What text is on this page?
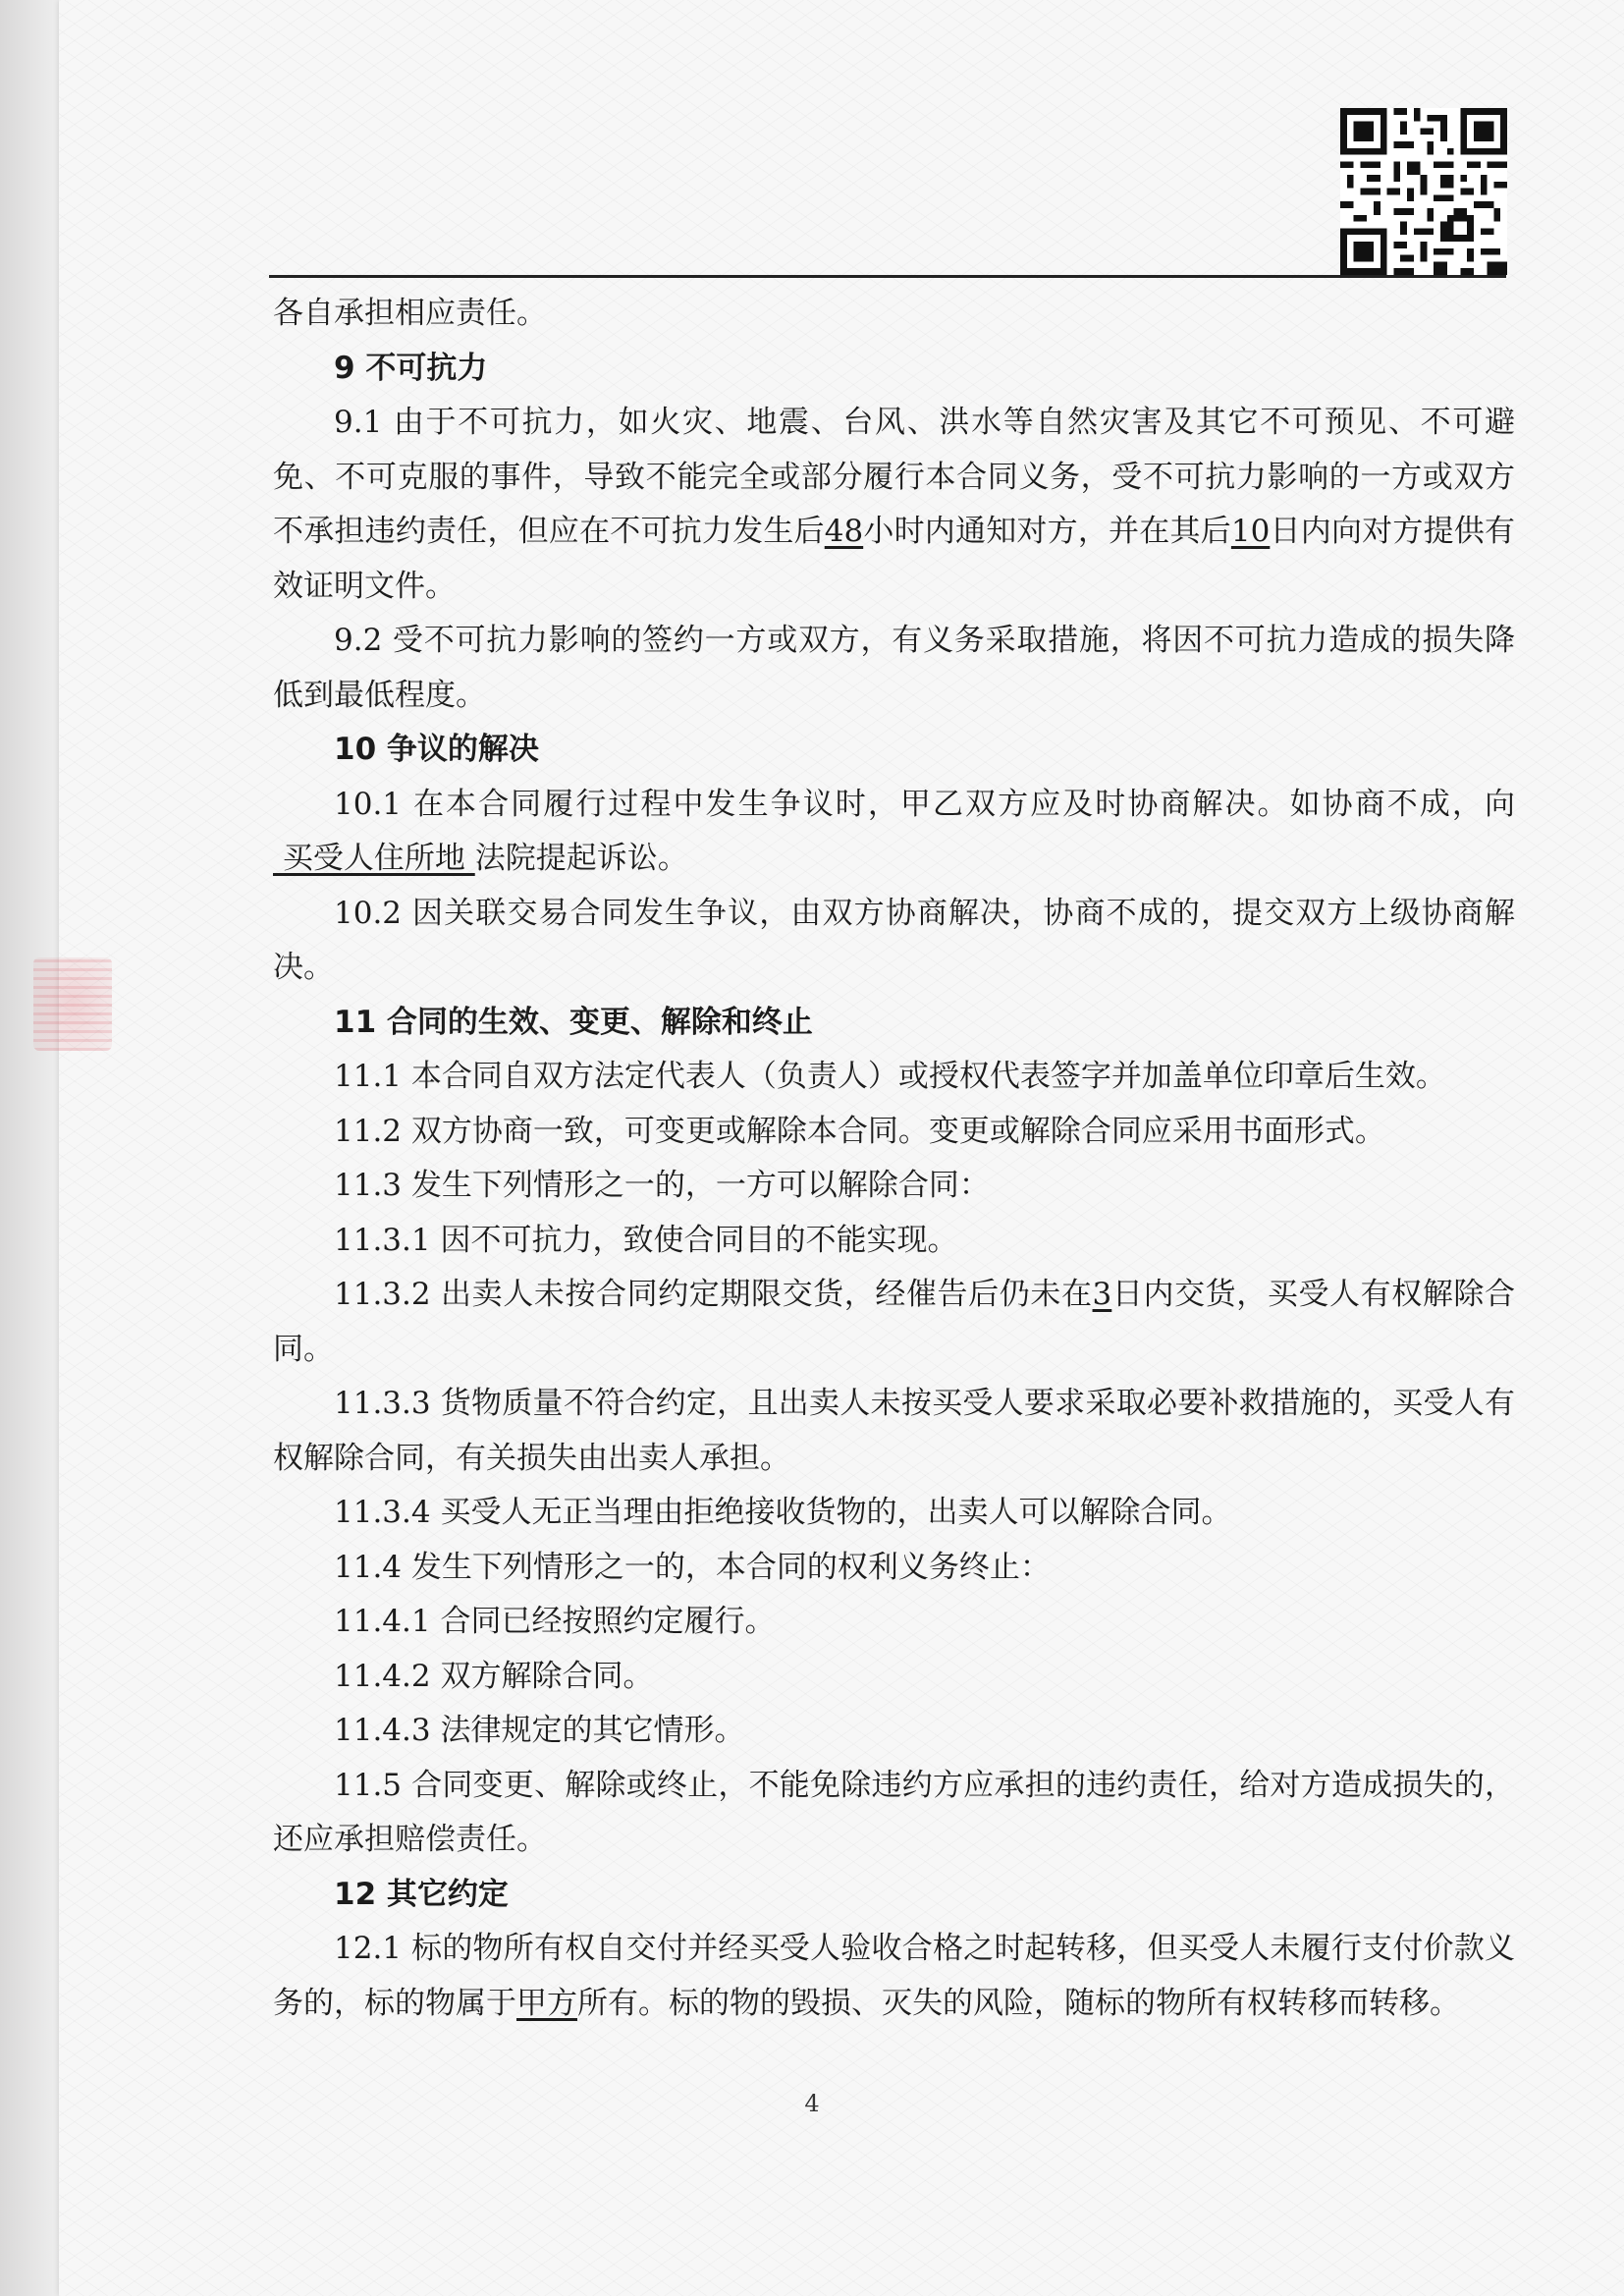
各自承担相应责任。

9 不可抗力

9.1 由于不可抗力，如火灾、地震、台风、洪水等自然灾害及其它不可预见、不可避免、不可克服的事件，导致不能完全或部分履行本合同义务，受不可抗力影响的一方或双方不承担违约责任，但应在不可抗力发生后48小时内通知对方，并在其后10日内向对方提供有效证明文件。

9.2 受不可抗力影响的签约一方或双方，有义务采取措施，将因不可抗力造成的损失降低到最低程度。

10 争议的解决

10.1 在本合同履行过程中发生争议时，甲乙双方应及时协商解决。如协商不成，向 买受人住所地 法院提起诉讼。

10.2 因关联交易合同发生争议，由双方协商解决，协商不成的，提交双方上级协商解决。

11 合同的生效、变更、解除和终止

11.1 本合同自双方法定代表人（负责人）或授权代表签字并加盖单位印章后生效。

11.2 双方协商一致，可变更或解除本合同。变更或解除合同应采用书面形式。

11.3 发生下列情形之一的，一方可以解除合同：

11.3.1 因不可抗力，致使合同目的不能实现。

11.3.2 出卖人未按合同约定期限交货，经催告后仍未在3日内交货，买受人有权解除合同。

11.3.3 货物质量不符合约定，且出卖人未按买受人要求采取必要补救措施的，买受人有权解除合同，有关损失由出卖人承担。

11.3.4 买受人无正当理由拒绝接收货物的，出卖人可以解除合同。

11.4 发生下列情形之一的，本合同的权利义务终止：

11.4.1 合同已经按照约定履行。

11.4.2 双方解除合同。

11.4.3 法律规定的其它情形。

11.5 合同变更、解除或终止，不能免除违约方应承担的违约责任，给对方造成损失的，还应承担赔偿责任。

12 其它约定

12.1 标的物所有权自交付并经买受人验收合格之时起转移，但买受人未履行支付价款义务的，标的物属于甲方所有。标的物的毁损、灭失的风险，随标的物所有权转移而转移。

4
